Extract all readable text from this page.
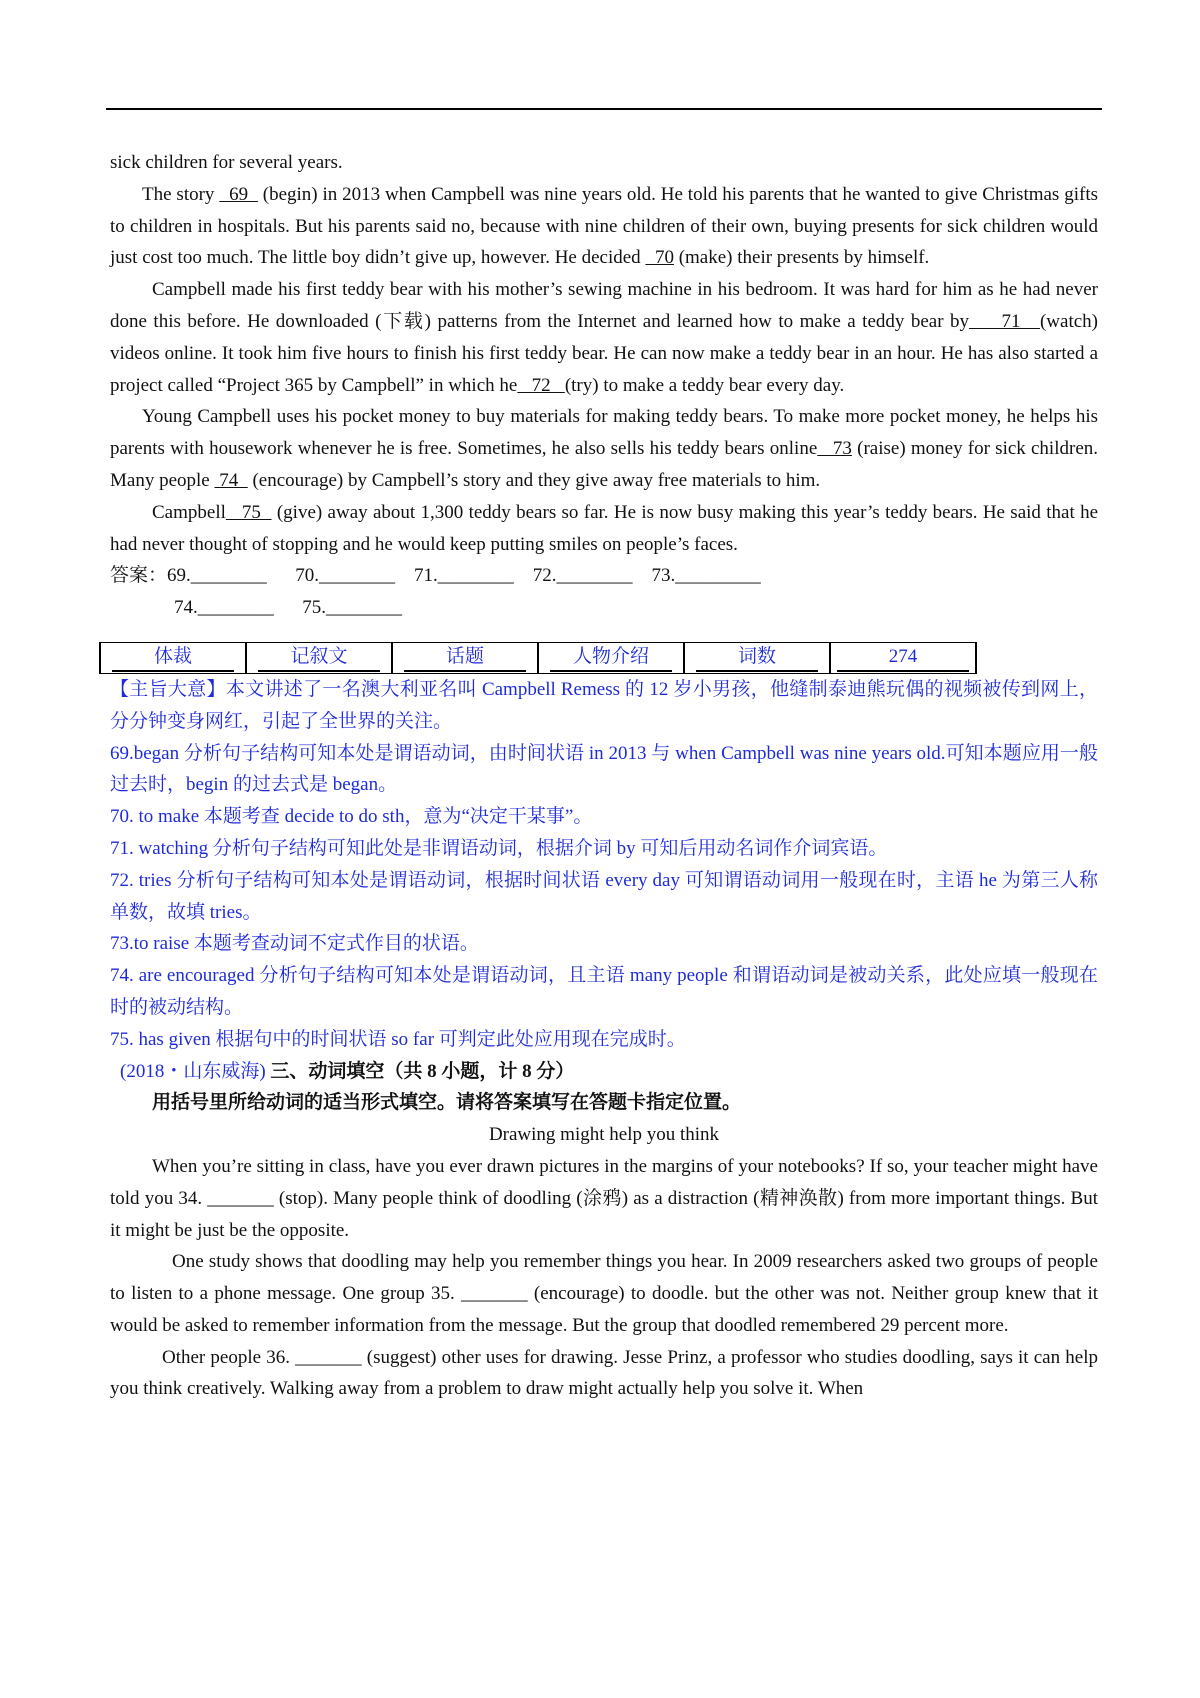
sick children for several years.

The story   69   (begin) in 2013 when Campbell was nine years old. He told his parents that he wanted to give Christmas gifts to children in hospitals. But his parents said no, because with nine children of their own, buying presents for sick children would just cost too much. The little boy didn’t give up, however. He decided   70 (make) their presents by himself.

Campbell made his first teddy bear with his mother’s sewing machine in his bedroom. It was hard for him as he had never done this before. He downloaded (下载) patterns from the Internet and learned how to make a teddy bear by     71   (watch) videos online. It took him five hours to finish his first teddy bear. He can now make a teddy bear in an hour. He has also started a project called “Project 365 by Campbell” in which he   72   (try) to make a teddy bear every day.

Young Campbell uses his pocket money to buy materials for making teddy bears. To make more pocket money, he helps his parents with housework whenever he is free. Sometimes, he also sells his teddy bears online   73 (raise) money for sick children. Many people  74   (encourage) by Campbell’s story and they give away free materials to him.

Campbell   75   (give) away about 1,300 teddy bears so far. He is now busy making this year’s teddy bears. He said that he had never thought of stopping and he would keep putting smiles on people’s faces.

答案：69.________      70.________    71.________    72.________    73._________

74.________      75.________

体裁	记叙文	话题	人物介绍	词数	274

【主旨大意】本文讲述了一名澳大利亚名叫 Campbell Remess 的 12 岁小男孩，他缝制泰迪熊玩偶的视频被传到网上，分分钟变身网红，引起了全世界的关注。

69.began 分析句子结构可知本处是谓语动词，由时间状语 in 2013 与 when Campbell was nine years old.可知本题应用一般过去时，begin 的过去式是 began。

70. to make 本题考查 decide to do sth，意为“决定干某事”。

71. watching 分析句子结构可知此处是非谓语动词，根据介词 by 可知后用动名词作介词宾语。

72. tries 分析句子结构可知本处是谓语动词，根据时间状语 every day 可知谓语动词用一般现在时，主语 he 为第三人称单数，故填 tries。

73.to raise 本题考查动词不定式作目的状语。

74. are encouraged 分析句子结构可知本处是谓语动词，且主语 many people 和谓语动词是被动关系，此处应填一般现在时的被动结构。

75. has given 根据句中的时间状语 so far 可判定此处应用现在完成时。

(2018・山东威海) 三、动词填空（共 8 小题，计 8 分）

用括号里所给动词的适当形式填空。请将答案填写在答题卡指定位置。

Drawing might help you think

When you’re sitting in class, have you ever drawn pictures in the margins of your notebooks? If so, your teacher might have told you 34. _______ (stop). Many people think of doodling (涂鸦) as a distraction (精神涣散) from more important things. But it might be just be the opposite.

One study shows that doodling may help you remember things you hear. In 2009 researchers asked two groups of people to listen to a phone message. One group 35. _______ (encourage) to doodle. but the other was not. Neither group knew that it would be asked to remember information from the message. But the group that doodled remembered 29 percent more.

Other people 36. _______ (suggest) other uses for drawing. Jesse Prinz, a professor who studies doodling, says it can help you think creatively. Walking away from a problem to draw might actually help you solve it. When
